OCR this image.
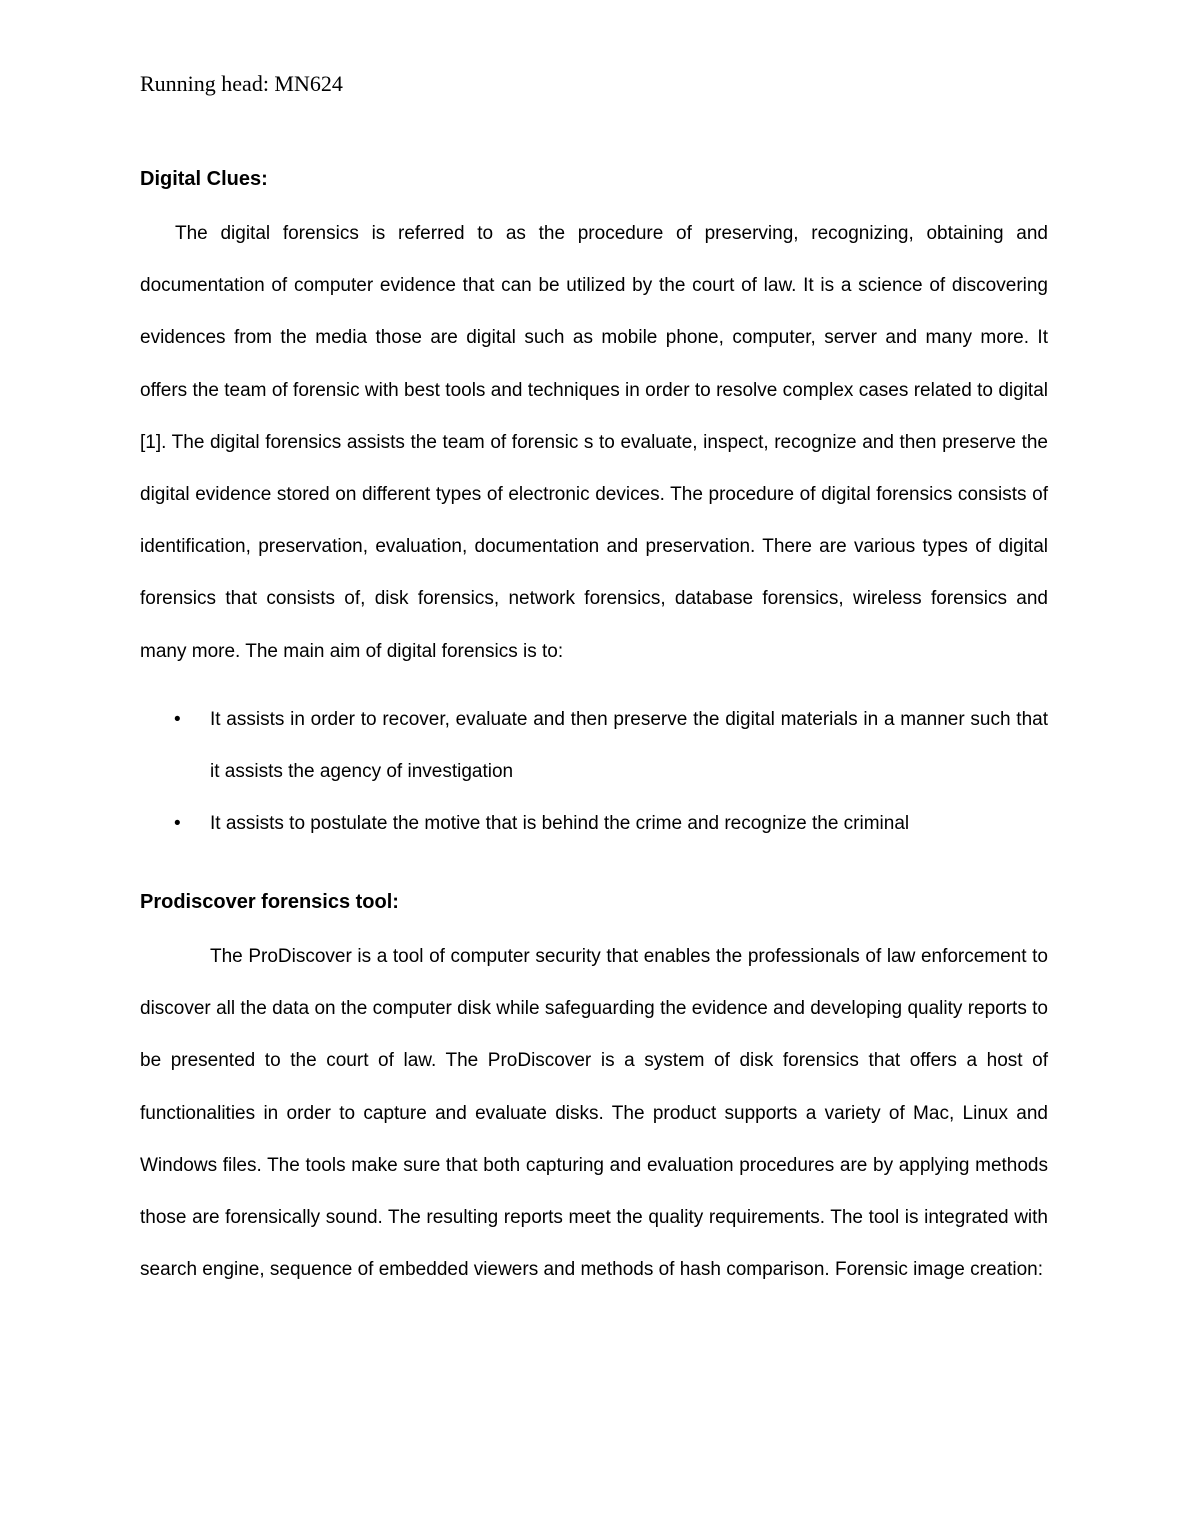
Running head: MN624
Digital Clues:

The digital forensics is referred to as the procedure of preserving, recognizing, obtaining and documentation of computer evidence that can be utilized by the court of law. It is a science of discovering evidences from the media those are digital such as mobile phone, computer, server and many more. It offers the team of forensic with best tools and techniques in order to resolve complex cases related to digital [1]. The digital forensics assists the team of forensic s to evaluate, inspect, recognize and then preserve the digital evidence stored on different types of electronic devices. The procedure of digital forensics consists of identification, preservation, evaluation, documentation and preservation. There are various types of digital forensics that consists of, disk forensics, network forensics, database forensics, wireless forensics and many more. The main aim of digital forensics is to:

• It assists in order to recover, evaluate and then preserve the digital materials in a manner such that it assists the agency of investigation
• It assists to postulate the motive that is behind the crime and recognize the criminal
Prodiscover forensics tool:

The ProDiscover is a tool of computer security that enables the professionals of law enforcement to discover all the data on the computer disk while safeguarding the evidence and developing quality reports to be presented to the court of law. The ProDiscover is a system of disk forensics that offers a host of functionalities in order to capture and evaluate disks. The product supports a variety of Mac, Linux and Windows files. The tools make sure that both capturing and evaluation procedures are by applying methods those are forensically sound. The resulting reports meet the quality requirements. The tool is integrated with search engine, sequence of embedded viewers and methods of hash comparison. Forensic image creation:
